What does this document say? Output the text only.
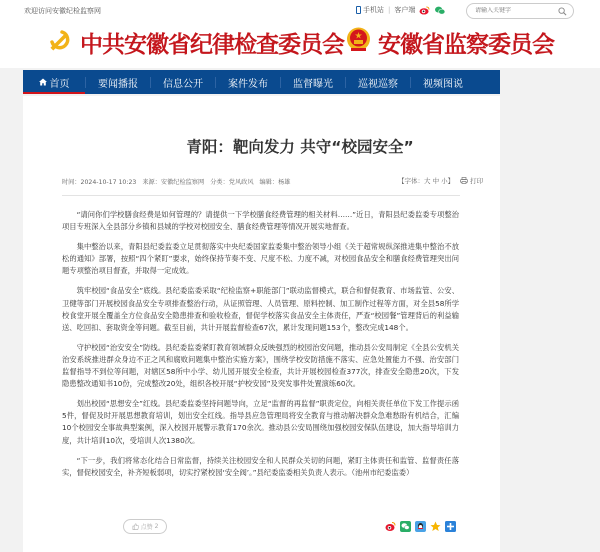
欢迎访问安徽纪检监察网	手机站 | 客户端
请输入关键字
中共安徽省纪律检查委员会 安徽省监察委员会
首页	要闻播报	信息公开	案件发布	监督曝光	巡视巡察	视频图说
青阳：靶向发力 共守“校园安全”
时间：2024-10-17 10:23 来源：安徽纪检监察网 分类：党风政风 编辑：杨雄	【字体：大 中 小】 打印

“请问你们学校膳食经费是如何管理的？请提供一下学校膳食经费管理的相关材料……”近日，青阳县纪委监委专项整治项目专班深入全县部分乡镇和县城的学校对校园安全、膳食经费管理等情况开展实地督查。

集中整治以来，青阳县纪委监委立足贯彻落实中央纪委国家监委集中整治领导小组《关于超常规纵深推进集中整治不放松的通知》部署，按照“四个紧盯”要求，始终保持节奏不变、尺度不松、力度不减，对校园食品安全和膳食经费管理突出问题专项整治项目督查，并取得一定成效。

筑牢校园“食品安全”底线。县纪委监委采取“纪检监察+职能部门”联动监督模式，联合和督促教育、市场监管、公安、卫健等部门开展校园食品安全专项排查整治行动，从证照管理、人员管理、原料控制、加工制作过程等方面，对全县58所学校食堂开展全覆盖全方位食品安全隐患排查和验收检查，督促学校落实食品安全主体责任，严查“校园餐”管理背后的利益输送、吃回扣、套取资金等问题。截至目前，共计开展监督检查67次，累计发现问题153个，整改完成148个。

守护校园“治安安全”防线。县纪委监委紧盯教育领域群众反映强烈的校园治安问题，推动县公安局制定《全县公安机关治安系统推进群众身边不正之风和腐败问题集中整治实施方案》，围绕学校安防措施不落实、应急处置能力不强、治安部门监督指导不到位等问题，对辖区58所中小学、幼儿园开展安全检查，共计开展校园检查377次，排查安全隐患20次，下发隐患整改通知书10份，完成整改20处，组织各校开展“护校安园”及突发事件处置演练60次。

划出校园“思想安全”红线。县纪委监委坚持问题导向，立足“监督的再监督”职责定位，向相关责任单位下发工作提示函5件，督促及时开展思想教育培训，划出安全红线。指导县应急管理局将安全教育与推动解决群众急难愁盼有机结合，汇编10个校园安全事故典型案例，深入校园开展警示教育170余次。推动县公安局围绕加强校园安保队伍建设，加大指导培训力度，共计培训10次，受培训人次1380次。

“下一步，我们将常态化结合日常监督，持续关注校园安全和人民群众关切的问题，紧盯主体责任和监管、监督责任落实，督促校园安全，补齐短板弱项，切实拧紧校园‘安全阀’。”县纪委监委相关负责人表示。（池州市纪委监委）

点赞 2
